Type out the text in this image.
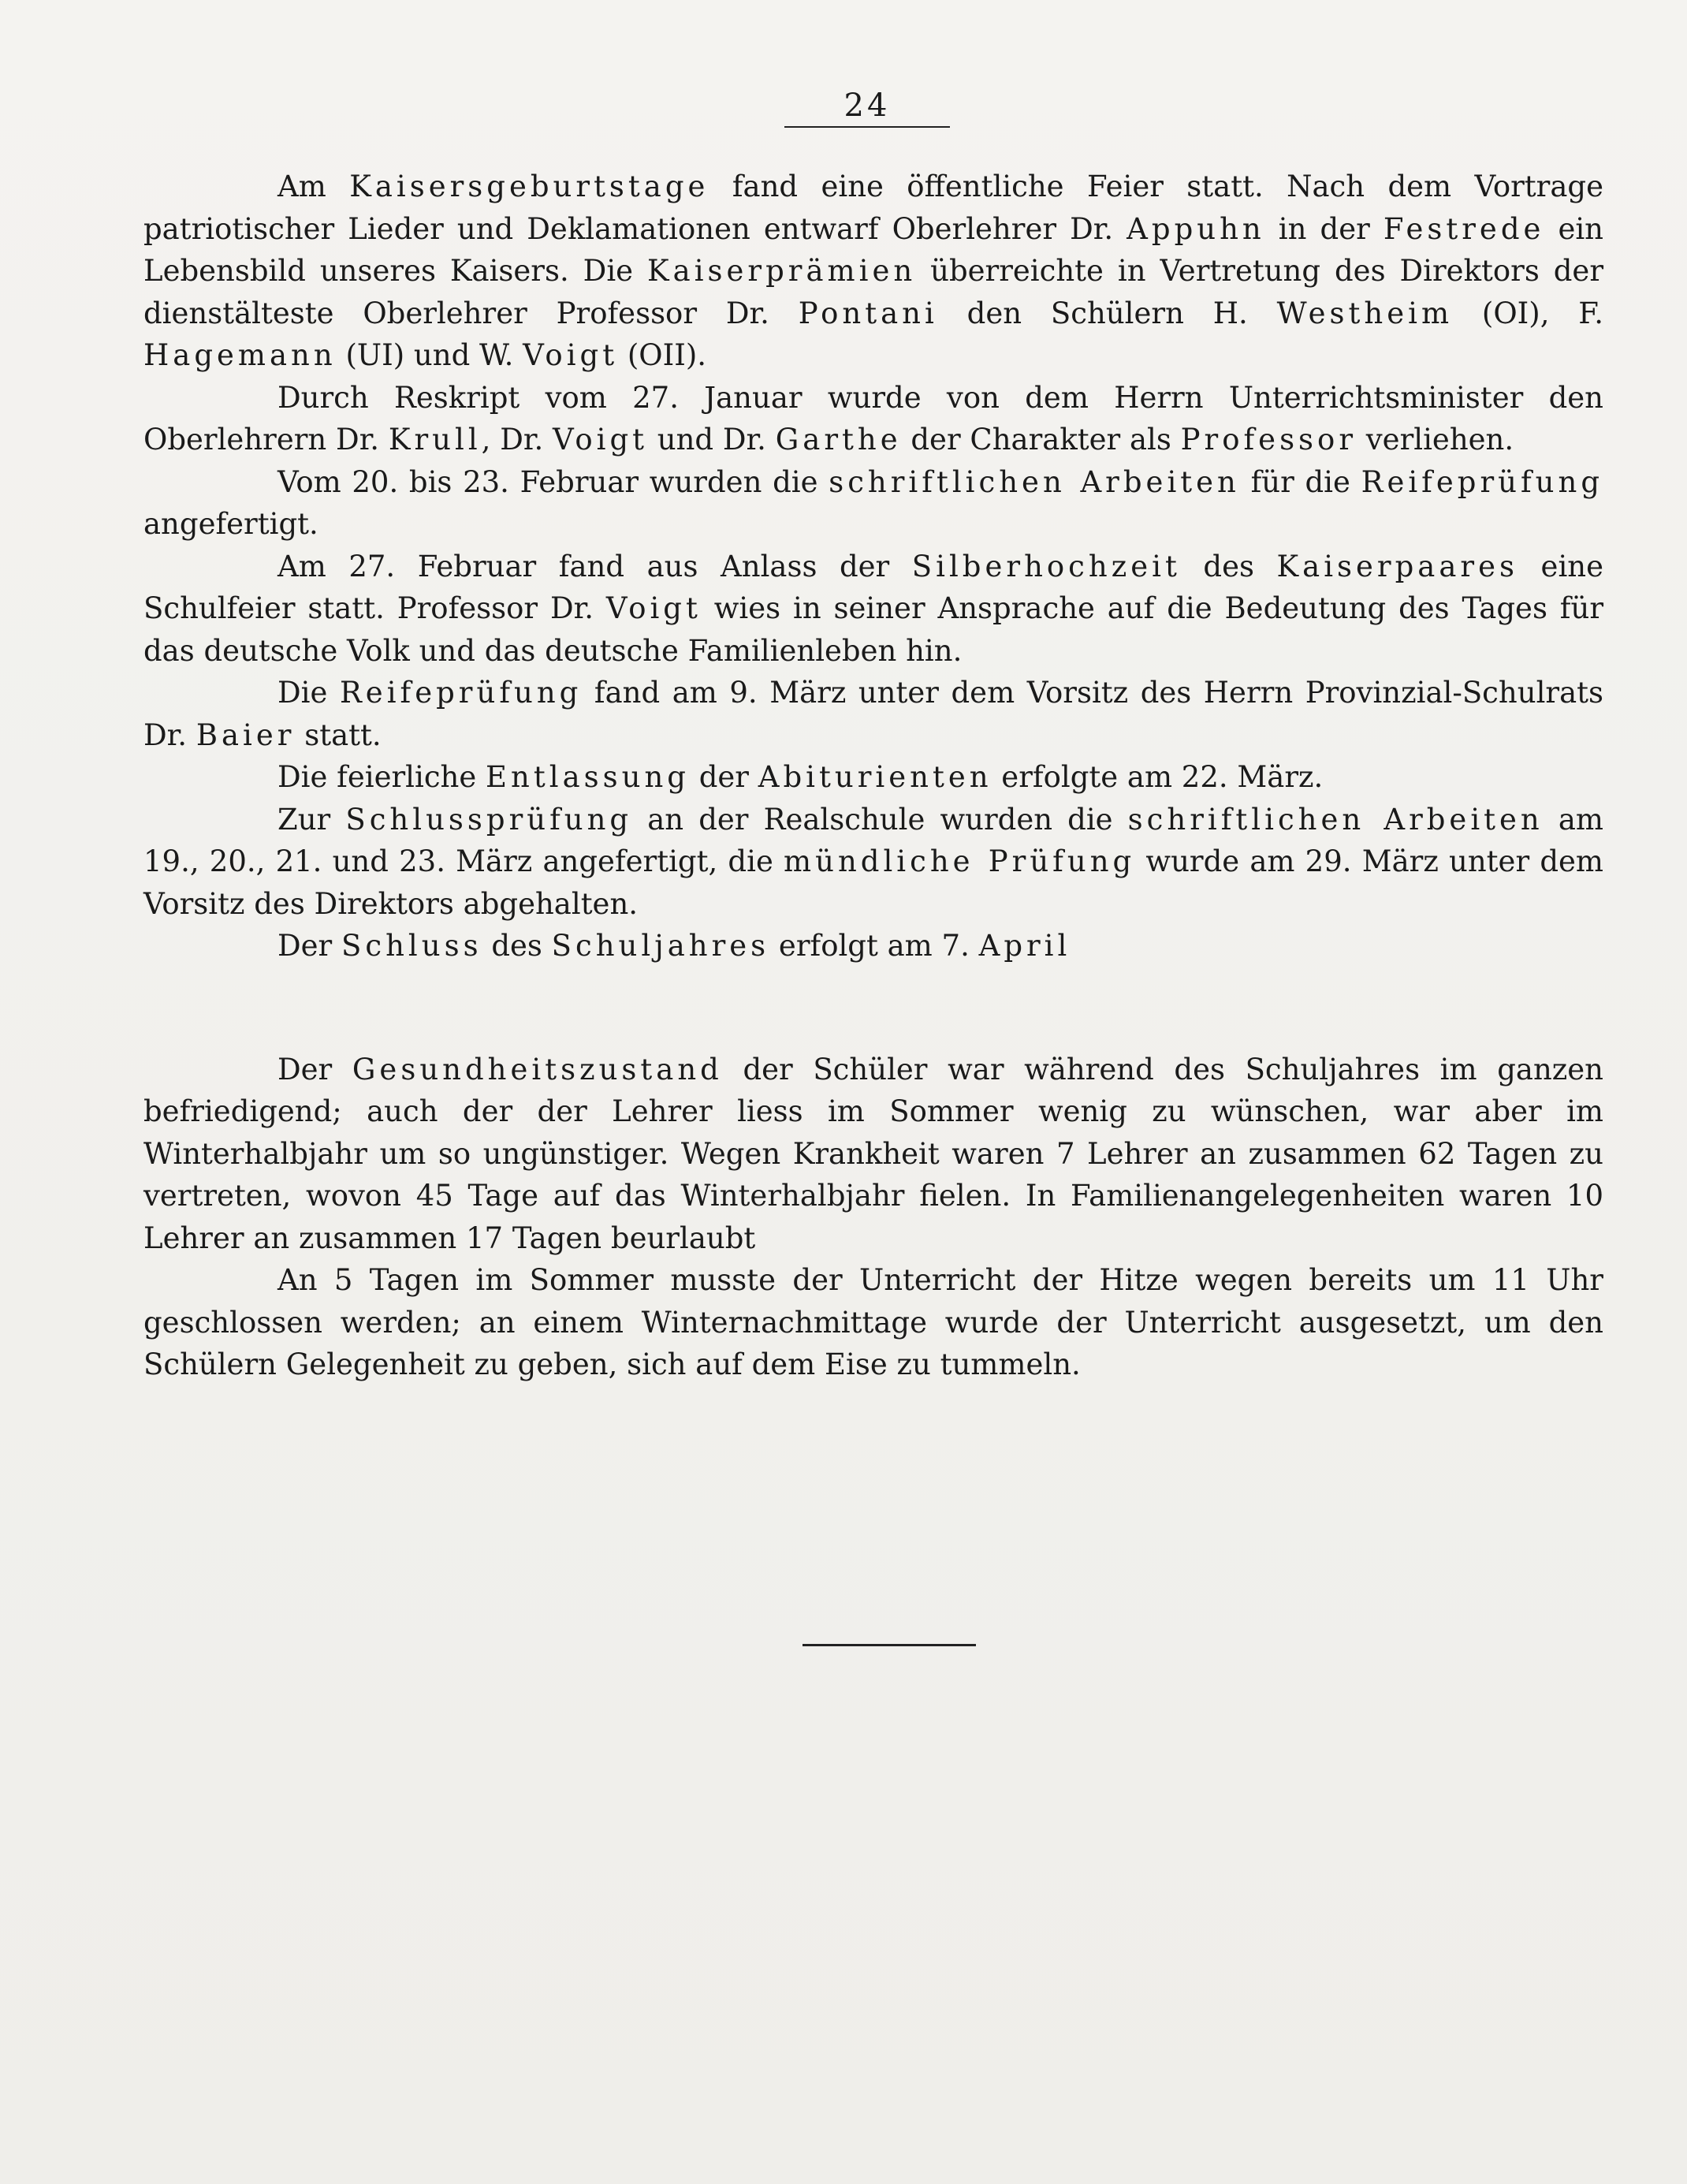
24

Am Kaisersgeburtstage fand eine öffentliche Feier statt. Nach dem Vortrage patriotischer Lieder und Deklamationen entwarf Oberlehrer Dr. Appuhn in der Festrede ein Lebensbild unseres Kaisers. Die Kaiserprämien überreichte in Vertretung des Direktors der dienstälteste Oberlehrer Professor Dr. Pontani den Schülern H. Westheim (OI), F. Hagemann (UI) und W. Voigt (OII).

Durch Reskript vom 27. Januar wurde von dem Herrn Unterrichtsminister den Oberlehrern Dr. Krull, Dr. Voigt und Dr. Garthe der Charakter als Professor verliehen.

Vom 20. bis 23. Februar wurden die schriftlichen Arbeiten für die Reifeprüfung angefertigt.

Am 27. Februar fand aus Anlass der Silberhochzeit des Kaiserpaares eine Schulfeier statt. Professor Dr. Voigt wies in seiner Ansprache auf die Bedeutung des Tages für das deutsche Volk und das deutsche Familienleben hin.

Die Reifeprüfung fand am 9. März unter dem Vorsitz des Herrn Provinzial-Schulrats Dr. Baier statt.

Die feierliche Entlassung der Abiturienten erfolgte am 22. März.

Zur Schlussprüfung an der Realschule wurden die schriftlichen Arbeiten am 19., 20., 21. und 23. März angefertigt, die mündliche Prüfung wurde am 29. März unter dem Vorsitz des Direktors abgehalten.

Der Schluss des Schuljahres erfolgt am 7. April

Der Gesundheitszustand der Schüler war während des Schuljahres im ganzen befriedigend; auch der der Lehrer liess im Sommer wenig zu wünschen, war aber im Winterhalbjahr um so ungünstiger. Wegen Krankheit waren 7 Lehrer an zusammen 62 Tagen zu vertreten, wovon 45 Tage auf das Winterhalbjahr fielen. In Familienangelegenheiten waren 10 Lehrer an zusammen 17 Tagen beurlaubt

An 5 Tagen im Sommer musste der Unterricht der Hitze wegen bereits um 11 Uhr geschlossen werden; an einem Winternachmittage wurde der Unterricht ausgesetzt, um den Schülern Gelegenheit zu geben, sich auf dem Eise zu tummeln.
